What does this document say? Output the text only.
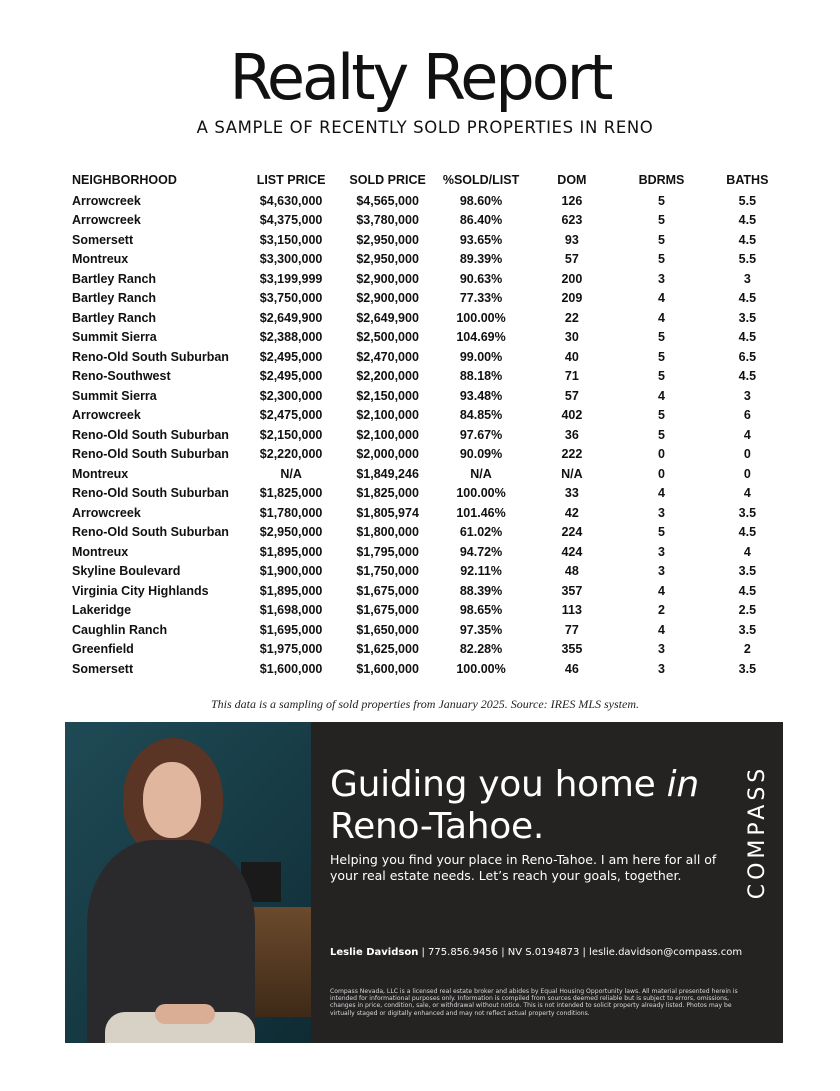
Realty Report
A SAMPLE OF RECENTLY SOLD PROPERTIES IN RENO
NEIGHBORHOOD	LIST PRICE	SOLD PRICE	%SOLD/LIST	DOM	BDRMS	BATHS
Arrowcreek	$4,630,000	$4,565,000	98.60%	126	5	5.5
Arrowcreek	$4,375,000	$3,780,000	86.40%	623	5	4.5
Somersett	$3,150,000	$2,950,000	93.65%	93	5	4.5
Montreux	$3,300,000	$2,950,000	89.39%	57	5	5.5
Bartley Ranch	$3,199,999	$2,900,000	90.63%	200	3	3
Bartley Ranch	$3,750,000	$2,900,000	77.33%	209	4	4.5
Bartley Ranch	$2,649,900	$2,649,900	100.00%	22	4	3.5
Summit Sierra	$2,388,000	$2,500,000	104.69%	30	5	4.5
Reno-Old South Suburban	$2,495,000	$2,470,000	99.00%	40	5	6.5
Reno-Southwest	$2,495,000	$2,200,000	88.18%	71	5	4.5
Summit Sierra	$2,300,000	$2,150,000	93.48%	57	4	3
Arrowcreek	$2,475,000	$2,100,000	84.85%	402	5	6
Reno-Old South Suburban	$2,150,000	$2,100,000	97.67%	36	5	4
Reno-Old South Suburban	$2,220,000	$2,000,000	90.09%	222	0	0
Montreux	N/A	$1,849,246	N/A	N/A	0	0
Reno-Old South Suburban	$1,825,000	$1,825,000	100.00%	33	4	4
Arrowcreek	$1,780,000	$1,805,974	101.46%	42	3	3.5
Reno-Old South Suburban	$2,950,000	$1,800,000	61.02%	224	5	4.5
Montreux	$1,895,000	$1,795,000	94.72%	424	3	4
Skyline Boulevard	$1,900,000	$1,750,000	92.11%	48	3	3.5
Virginia City Highlands	$1,895,000	$1,675,000	88.39%	357	4	4.5
Lakeridge	$1,698,000	$1,675,000	98.65%	113	2	2.5
Caughlin Ranch	$1,695,000	$1,650,000	97.35%	77	4	3.5
Greenfield	$1,975,000	$1,625,000	82.28%	355	3	2
Somersett	$1,600,000	$1,600,000	100.00%	46	3	3.5
This data is a sampling of sold properties from January 2025. Source: IRES MLS system.
Guiding you home in
Reno-Tahoe.
Helping you find your place in Reno-Tahoe. I am here for all of your real estate needs. Let’s reach your goals, together.
Leslie Davidson | 775.856.9456 | NV S.0194873 | leslie.davidson@compass.com
Compass Nevada, LLC is a licensed real estate broker and abides by Equal Housing Opportunity laws. All material presented herein is intended for informational purposes only. Information is compiled from sources deemed reliable but is subject to errors, omissions, changes in price, condition, sale, or withdrawal without notice. This is not intended to solicit property already listed. Photos may be virtually staged or digitally enhanced and may not reflect actual property conditions.
COMPASS
